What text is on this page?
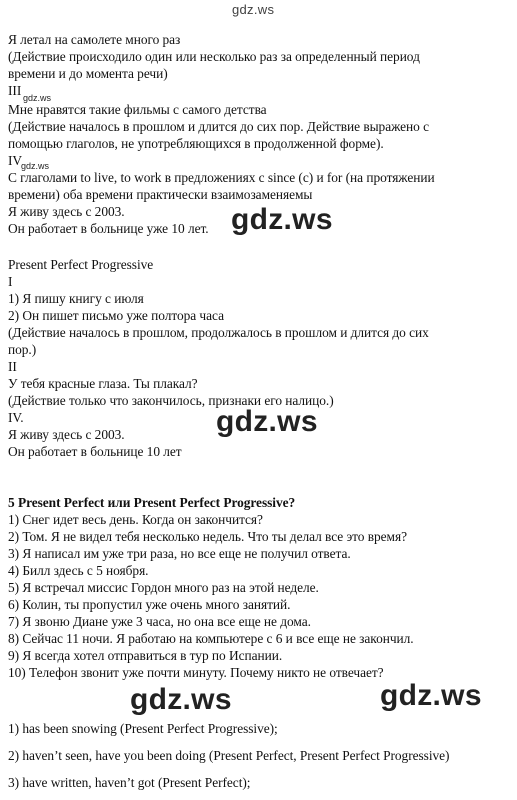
gdz.ws
Я летал на самолете много раз
(Действие происходило один или несколько раз за определенный период
времени и до момента речи)
III gdz.ws
Мне нравятся такие фильмы с самого детства
(Действие началось в прошлом и длится до сих пор. Действие выражено с
помощью глаголов, не употребляющихся в продолженной форме).
IV
gdz.ws
С глаголами to live, to work в предложениях с since (с) и for (на протяжении
времени) оба времени практически взаимозаменяемы
Я живу здесь с 2003.
Он работает в больнице уже 10 лет. gdz.ws
Present Perfect Progressive
I
1) Я пишу книгу с июля
2) Он пишет письмо уже полтора часа
(Действие началось в прошлом, продолжалось в прошлом и длится до сих
пор.)
II
У тебя красные глаза. Ты плакал?
(Действие только что закончилось, признаки его налицо.)
IV.
Я живу здесь с 2003.
Он работает в больнице 10 лет
gdz.ws
5 Present Perfect или Present Perfect Progressive?
1) Снег идет весь день. Когда он закончится?
2) Том. Я не видел тебя несколько недель. Что ты делал все это время?
3) Я написал им уже три раза, но все еще не получил ответа.
4) Билл здесь с 5 ноября.
5) Я встречал миссис Гордон много раз на этой неделе.
6) Колин, ты пропустил уже очень много занятий.
7) Я звоню Диане уже 3 часа, но она все еще не дома.
8) Сейчас 11 ночи. Я работаю на компьютере с 6 и все еще не закончил.
9) Я всегда хотел отправиться в тур по Испании.
10) Телефон звонит уже почти минуту. Почему никто не отвечает?
gdz.ws	gdz.ws
1) has been snowing (Present Perfect Progressive);
2) haven’t seen, have you been doing (Present Perfect, Present Perfect Progressive)
3) have written, haven’t got (Present Perfect);
